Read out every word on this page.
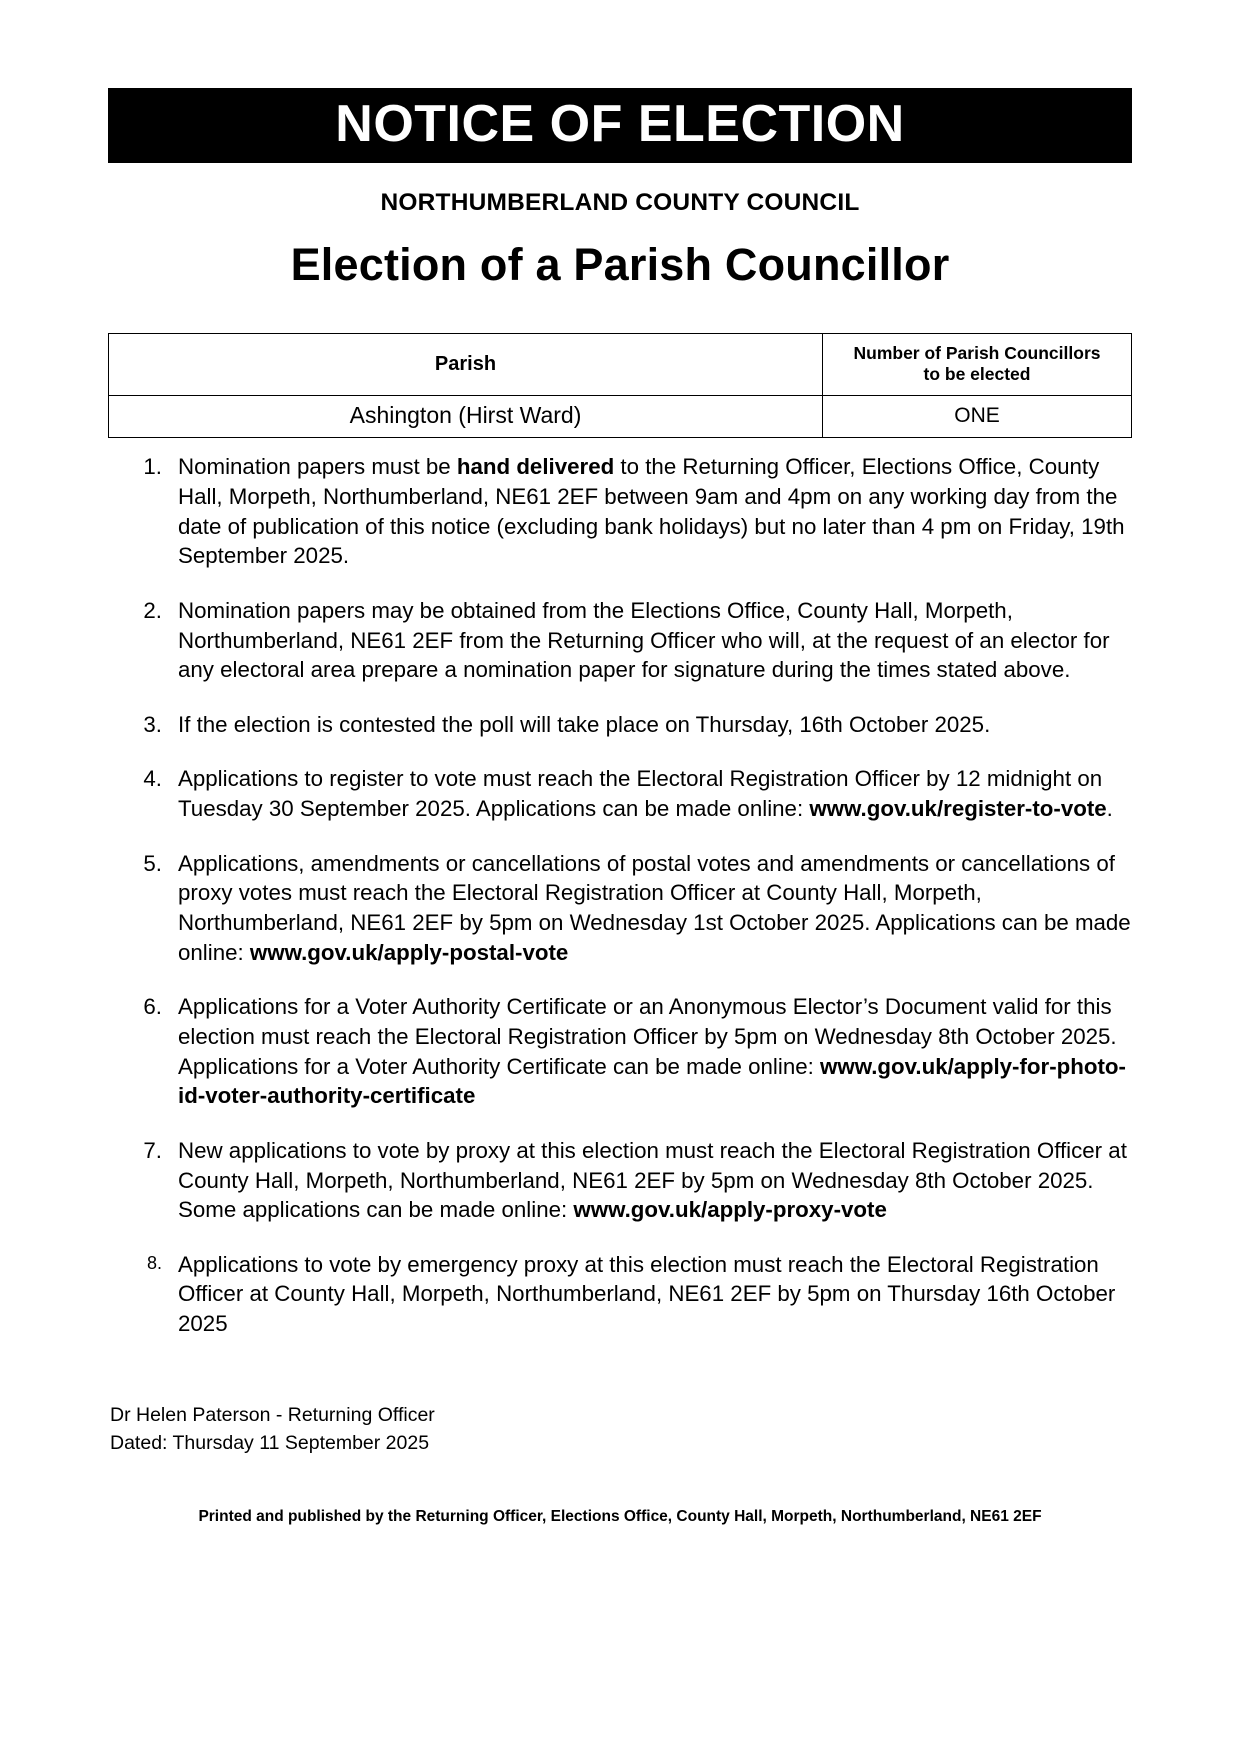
NOTICE OF ELECTION
NORTHUMBERLAND COUNTY COUNCIL
Election of a Parish Councillor
Parish	Number of Parish Councillors
to be elected

Ashington (Hirst Ward)	ONE
1. Nomination papers must be hand delivered to the Returning Officer, Elections Office, County Hall, Morpeth, Northumberland, NE61 2EF between 9am and 4pm on any working day from the date of publication of this notice (excluding bank holidays) but no later than 4 pm on Friday, 19th September 2025.
2. Nomination papers may be obtained from the Elections Office, County Hall, Morpeth, Northumberland, NE61 2EF from the Returning Officer who will, at the request of an elector for any electoral area prepare a nomination paper for signature during the times stated above.
3. If the election is contested the poll will take place on Thursday, 16th October 2025.
4. Applications to register to vote must reach the Electoral Registration Officer by 12 midnight on Tuesday 30 September 2025. Applications can be made online: www.gov.uk/register-to-vote.
5. Applications, amendments or cancellations of postal votes and amendments or cancellations of proxy votes must reach the Electoral Registration Officer at County Hall, Morpeth, Northumberland, NE61 2EF by 5pm on Wednesday 1st October 2025. Applications can be made online: www.gov.uk/apply-postal-vote
6. Applications for a Voter Authority Certificate or an Anonymous Elector’s Document valid for this election must reach the Electoral Registration Officer by 5pm on Wednesday 8th October 2025. Applications for a Voter Authority Certificate can be made online: www.gov.uk/apply-for-photo-id-voter-authority-certificate
7. New applications to vote by proxy at this election must reach the Electoral Registration Officer at County Hall, Morpeth, Northumberland, NE61 2EF by 5pm on Wednesday 8th October 2025. Some applications can be made online: www.gov.uk/apply-proxy-vote
8. Applications to vote by emergency proxy at this election must reach the Electoral Registration Officer at County Hall, Morpeth, Northumberland, NE61 2EF by 5pm on Thursday 16th October 2025
Dr Helen Paterson - Returning Officer
Dated: Thursday 11 September 2025
Printed and published by the Returning Officer, Elections Office, County Hall, Morpeth, Northumberland, NE61 2EF
